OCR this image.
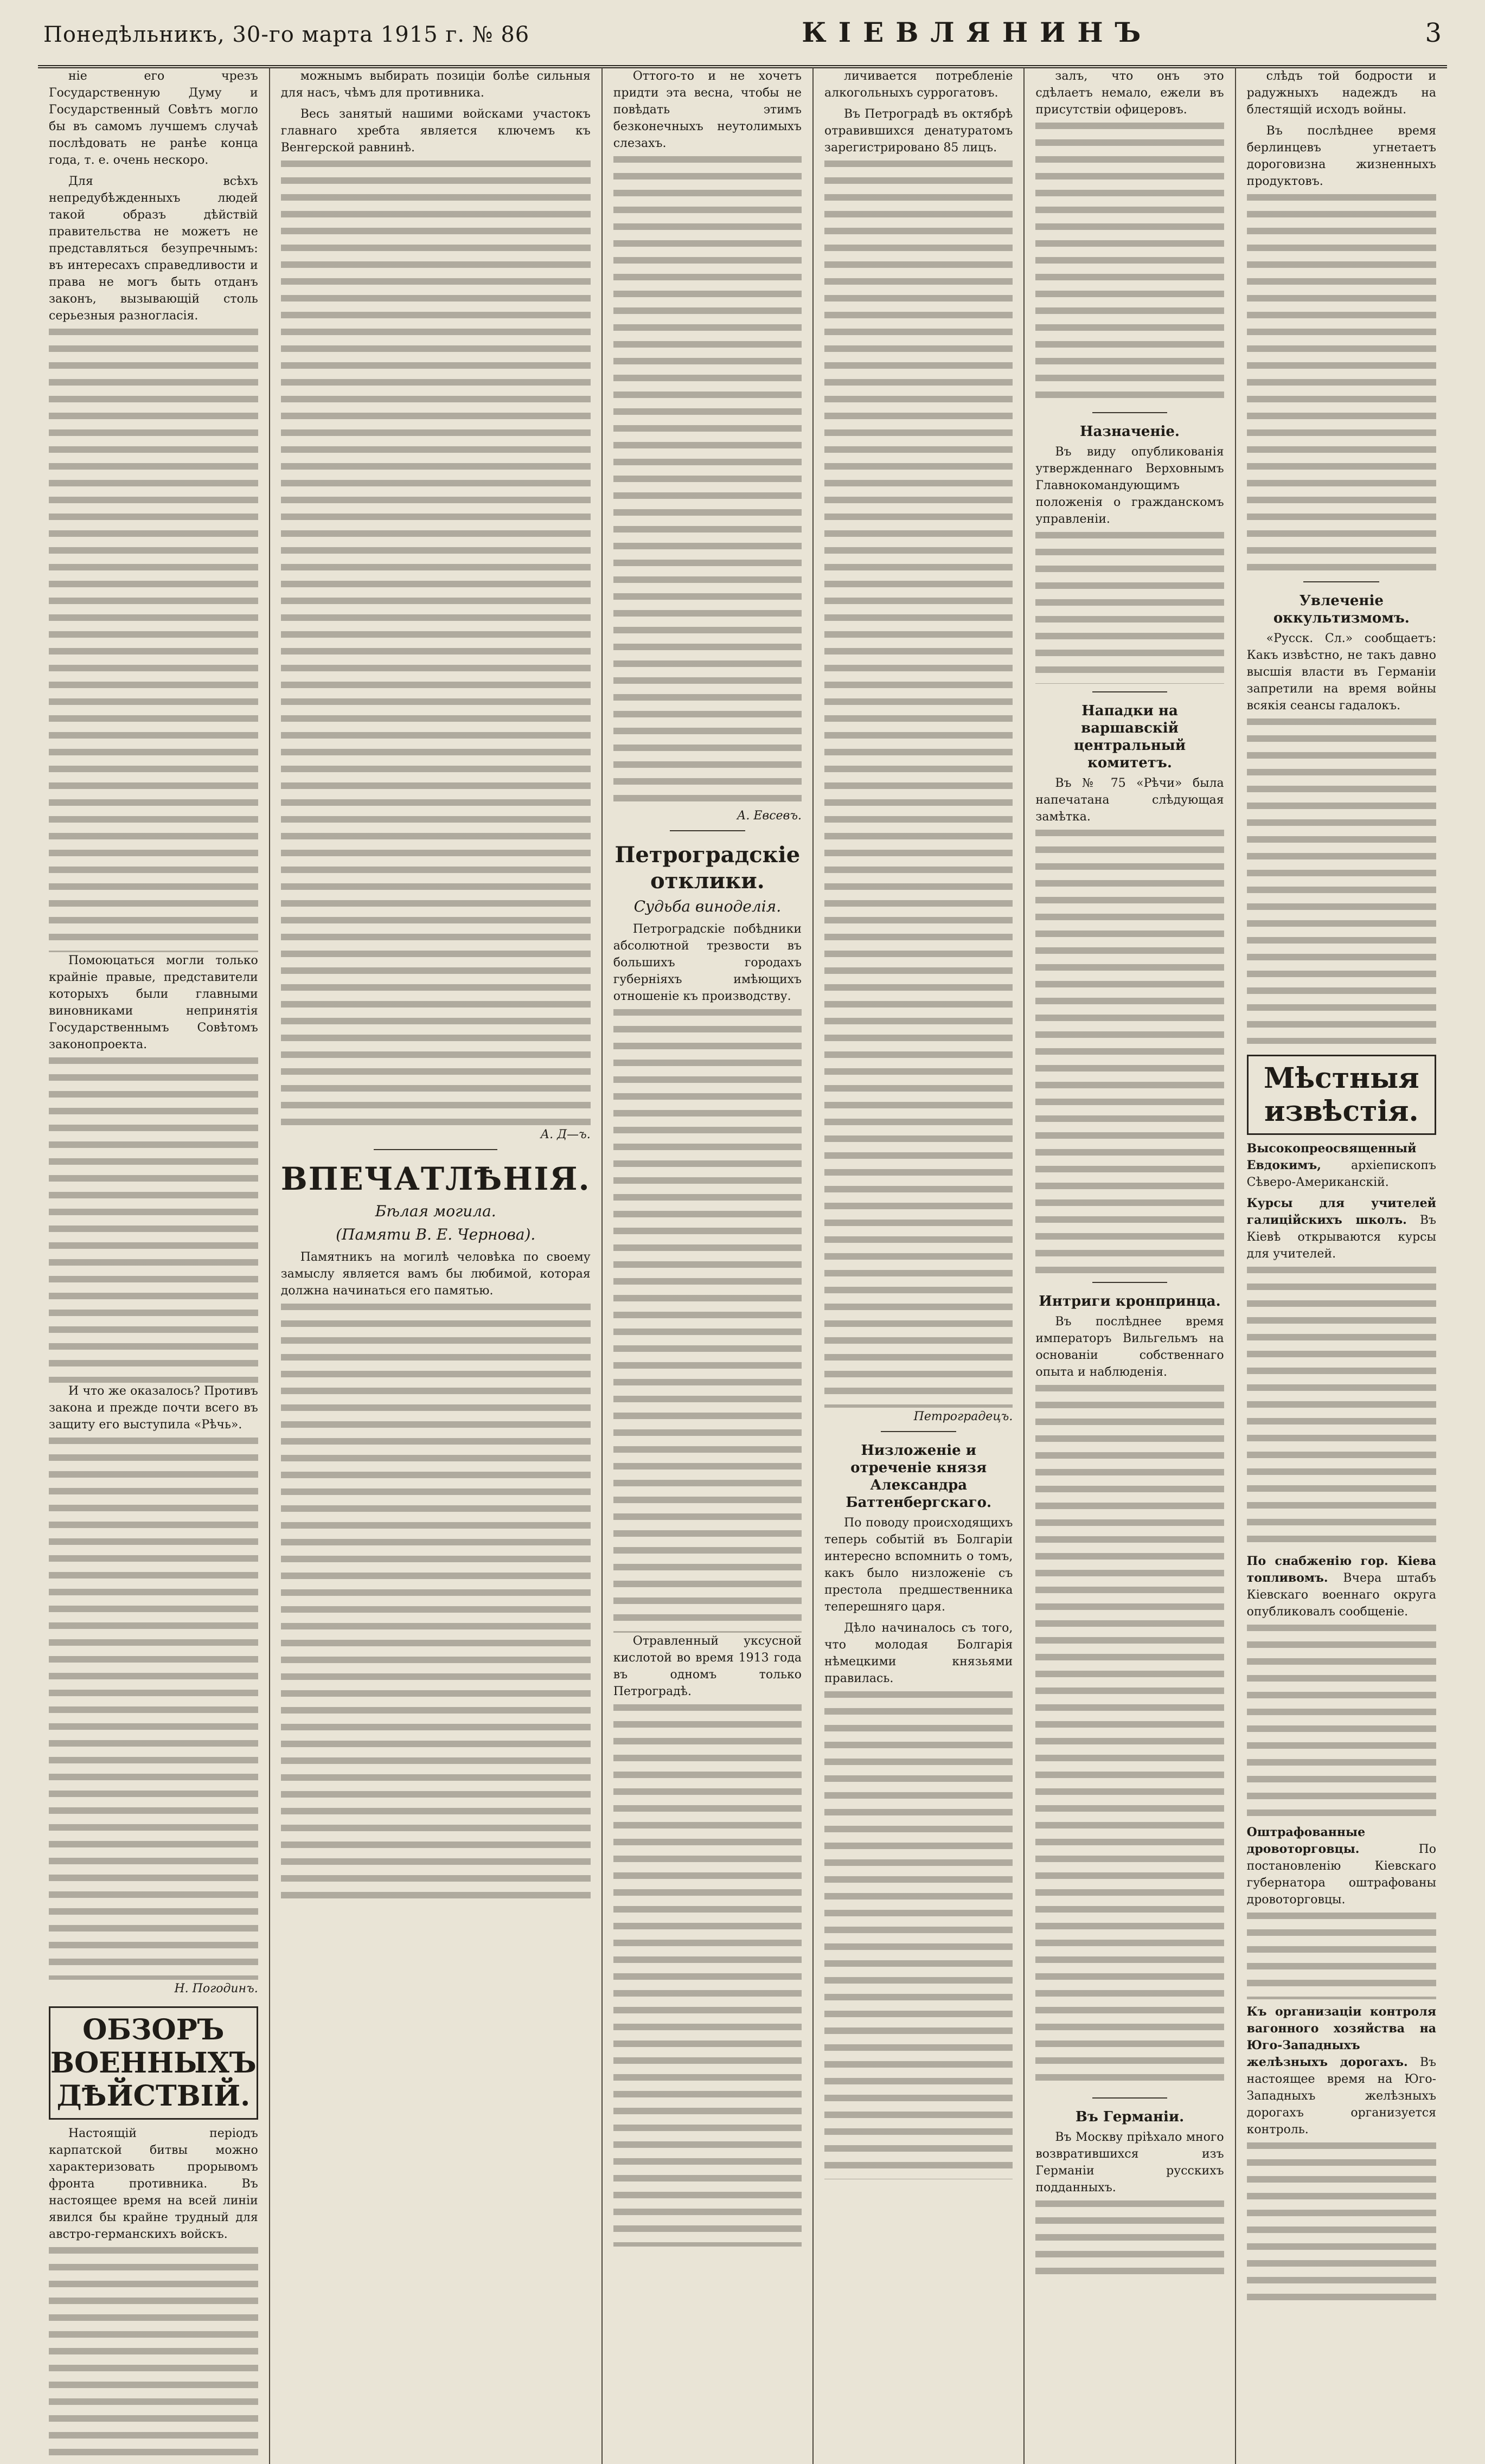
Понедѣльникъ, 30-го марта 1915 г. № 86	КІЕВЛЯНИНЪ	3

ніе его чрезъ Государственную Думу и Государственный Совѣтъ могло бы въ самомъ лучшемъ случаѣ послѣдовать не ранѣе конца года, т. е. очень нескоро.

Для всѣхъ непредубѣжденныхъ людей такой образъ дѣйствій правительства не можетъ не представляться безупречнымъ: въ интересахъ справедливости и права не могъ быть отданъ законъ, вызывающій столь серьезныя разногласія.

Помоюцаться могли только крайніе правые, представители которыхъ были главными виновниками непринятія Государственнымъ Совѣтомъ законопроекта.

И что же оказалось? Противъ закона и прежде почти всего въ защиту его выступила «Рѣчь».

Н. Погодинъ.
ОБЗОРЪ ВОЕННЫХЪ ДѢЙСТВІЙ.

Настоящій періодъ карпатской битвы можно характеризовать прорывомъ фронта противника. Въ настоящее время на всей линіи явился бы крайне трудный для австро-германскихъ войскъ.

можнымъ выбирать позиціи болѣе сильныя для насъ, чѣмъ для противника.

Весь занятый нашими войсками участокъ главнаго хребта является ключемъ къ Венгерской равнинѣ.

А. Д—ъ.
ВПЕЧАТЛѢНІЯ.
Бѣлая могила.
(Памяти В. Е. Чернова).

Памятникъ на могилѣ человѣка по своему замыслу является вамъ бы любимой, которая должна начинаться его памятью.

Оттого-то и не хочетъ придти эта весна, чтобы не повѣдать этимъ безконечныхъ неутолимыхъ слезахъ.

А. Евсевъ.
Петроградскіе отклики.
Судьба виноделія.

Петроградскіе побѣдники абсолютной трезвости въ большихъ городахъ губерніяхъ имѣющихъ отношеніе къ производству.

Отравленный уксусной кислотой во время 1913 года въ одномъ только Петроградѣ.

личивается потребленіе алкогольныхъ суррогатовъ.

Въ Петроградѣ въ октябрѣ отравившихся денатуратомъ зарегистрировано 85 лицъ.

Петроградецъ.
Низложеніе и отреченіе князя Александра Баттенбергскаго.

По поводу происходящихъ теперь событій въ Болгаріи интересно вспомнить о томъ, какъ было низложеніе съ престола предшественника теперешняго царя.

Дѣло начиналось съ того, что молодая Болгарія нѣмецкими князьями правилась.

залъ, что онъ это сдѣлаетъ немало, ежели въ присутствіи офицеровъ.

Назначеніе.

Въ виду опубликованія утвержденнаго Верховнымъ Главнокомандующимъ положенія о гражданскомъ управленіи.

Нападки на варшавскій центральный комитетъ.

Въ № 75 «Рѣчи» была напечатана слѣдующая замѣтка.

Интриги кронпринца.

Въ послѣднее время императоръ Вильгельмъ на основаніи собственнаго опыта и наблюденія.

Въ Германіи.

Въ Москву пріѣхало много возвратившихся изъ Германіи русскихъ подданныхъ.

слѣдъ той бодрости и радужныхъ надеждъ на блестящій исходъ войны.

Въ послѣднее время берлинцевъ угнетаетъ дороговизна жизненныхъ продуктовъ.

Увлеченіе оккультизмомъ.

«Русск. Сл.» сообщаетъ: Какъ извѣстно, не такъ давно высшія власти въ Германіи запретили на время войны всякія сеансы гадалокъ.

Мѣстныя извѣстія.
Высокопреосвященный Евдокимъ,	архіепископъ Сѣверо-Американскій.
Курсы для учителей галиційскихъ школъ. Въ Кіевѣ открываются курсы для учителей.
По снабженію гор. Кіева топливомъ. Вчера штабъ Кіевскаго военнаго округа опубликовалъ сообщеніе.
Оштрафованные дровоторговцы.	По постановленію Кіевскаго губернатора оштрафованы дровоторговцы.
Къ организаціи контроля вагонного хозяйства на Юго-Западныхъ желѣзныхъ дорогахъ. Въ настоящее время на Юго-Западныхъ желѣзныхъ дорогахъ организуется контроль.
